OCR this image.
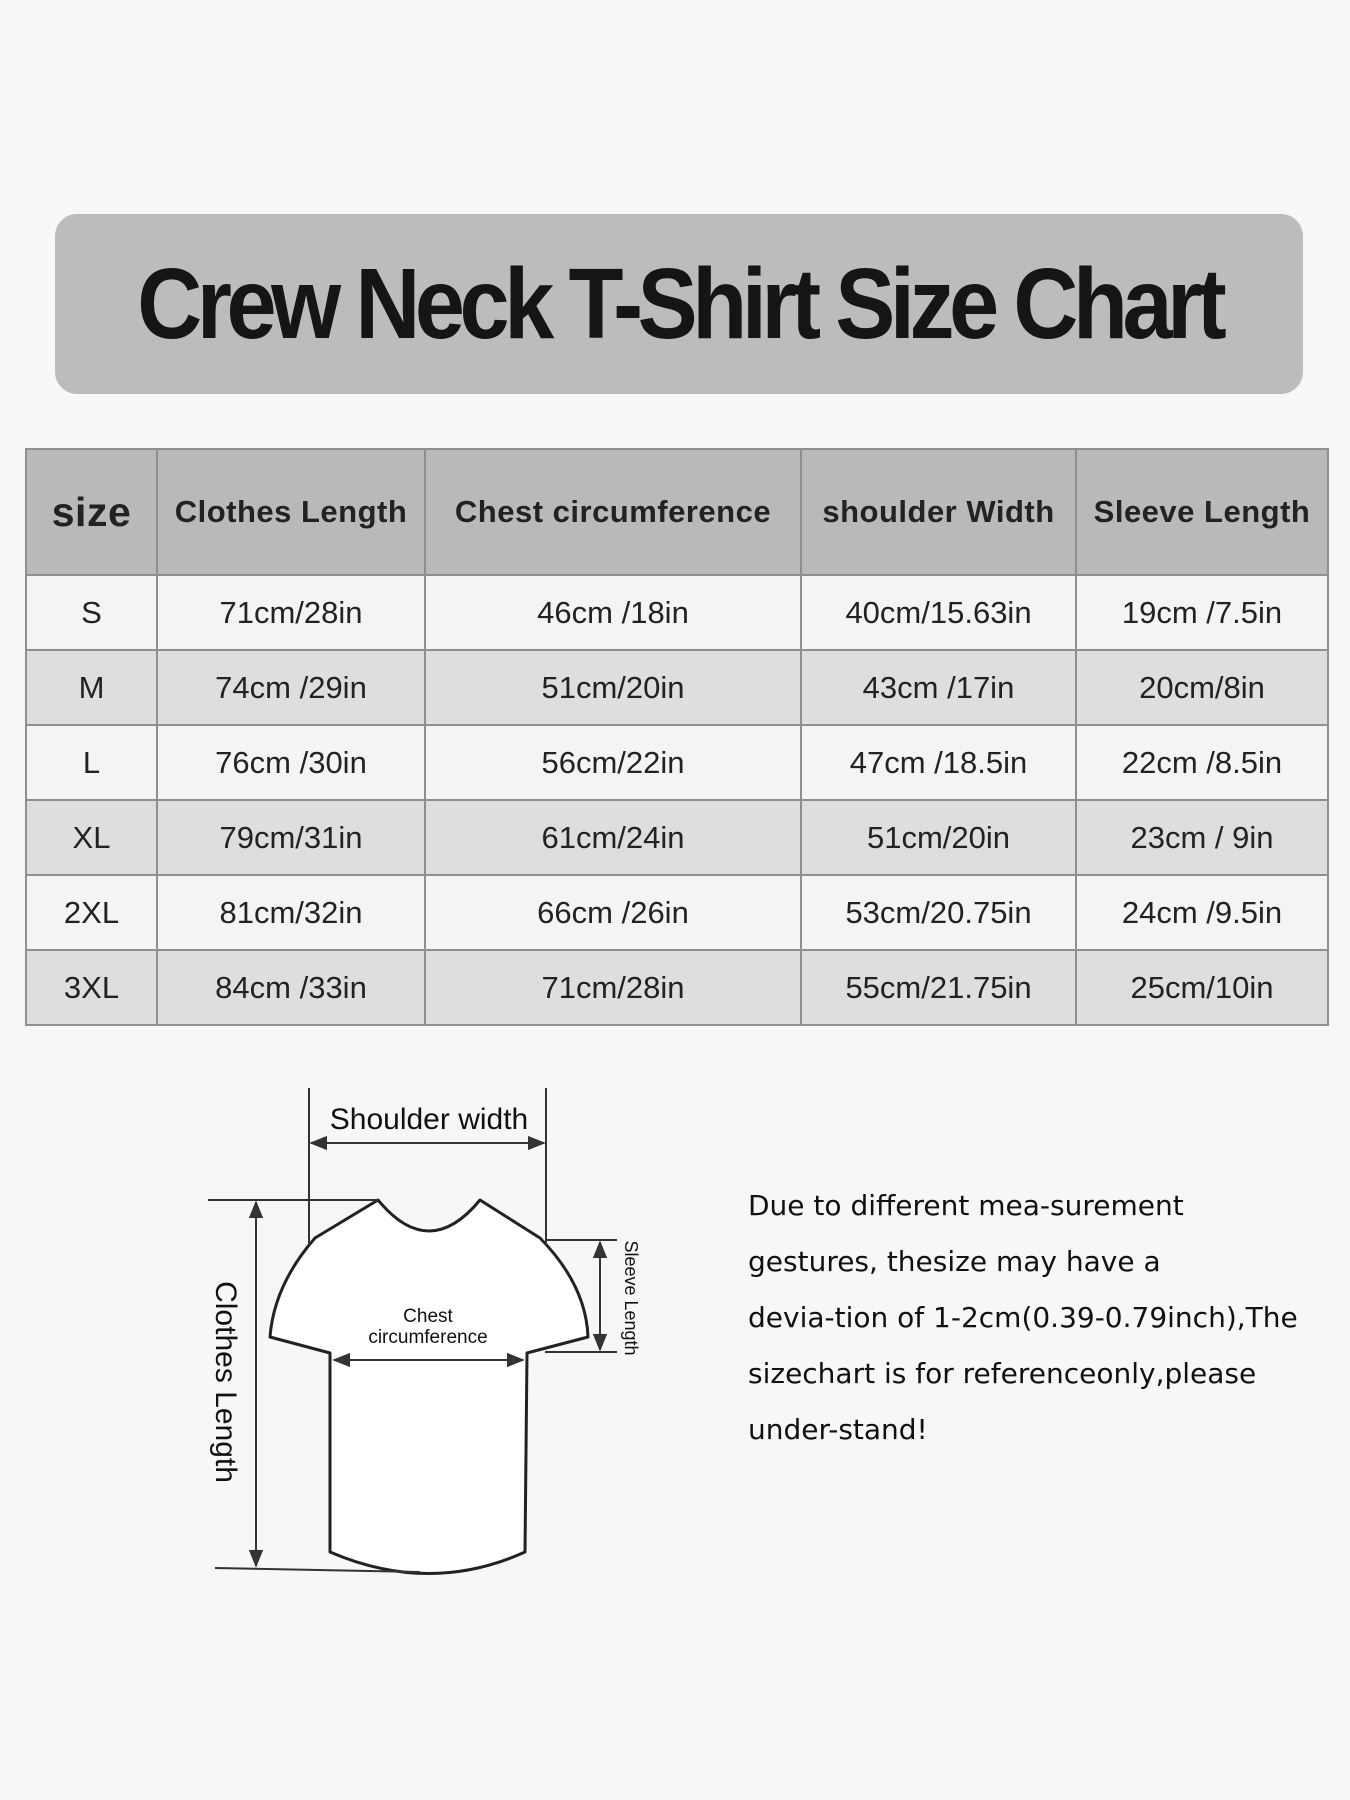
Crew Neck T-Shirt Size Chart
size	Clothes Length	Chest circumference	shoulder Width	Sleeve Length
S	71cm/28in	46cm /18in	40cm/15.63in	19cm /7.5in
M	74cm /29in	51cm/20in	43cm /17in	20cm/8in
L	76cm /30in	56cm/22in	47cm /18.5in	22cm /8.5in
XL	79cm/31in	61cm/24in	51cm/20in	23cm / 9in
2XL	81cm/32in	66cm /26in	53cm/20.75in	24cm /9.5in
3XL	84cm /33in	71cm/28in	55cm/21.75in	25cm/10in
Shoulder width
Chest
circumference
Clothes Length	Sleeve Length
Due to different mea-surement
gestures, thesize may have a
devia-tion of 1-2cm(0.39-0.79inch),The
sizechart is for referenceonly,please
under-stand!
